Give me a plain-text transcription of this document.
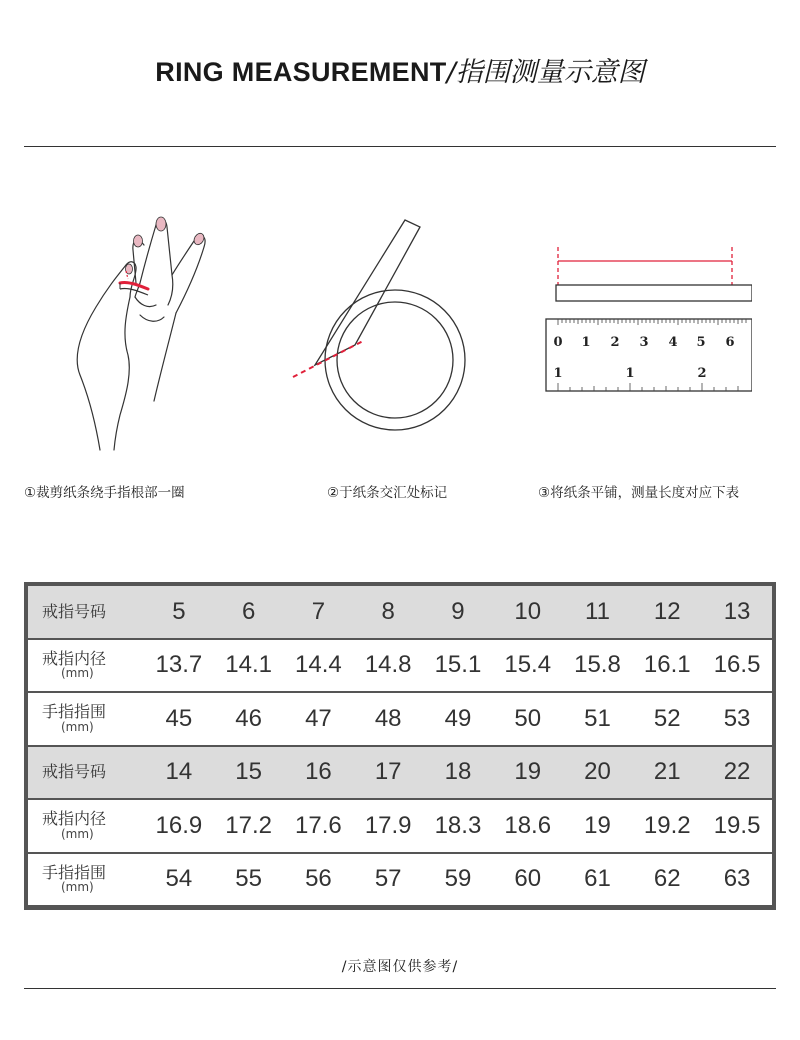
RING MEASUREMENT/指围测量示意图
0 1 2 3 4 5 6
1	1	2
①裁剪纸条绕手指根部一圈	②于纸条交汇处标记	③将纸条平铺，测量长度对应下表
戒指号码	5	6	7	8	9	10	11	12	13
戒指内径
(mm)	13.7	14.1	14.4	14.8	15.1	15.4	15.8	16.1	16.5
手指指围
(mm)	45	46	47	48	49	50	51	52	53
戒指号码	14	15	16	17	18	19	20	21	22
戒指内径
(mm)	16.9	17.2	17.6	17.9	18.3	18.6	19	19.2	19.5
手指指围
(mm)	54	55	56	57	59	60	61	62	63
/示意图仅供参考/
